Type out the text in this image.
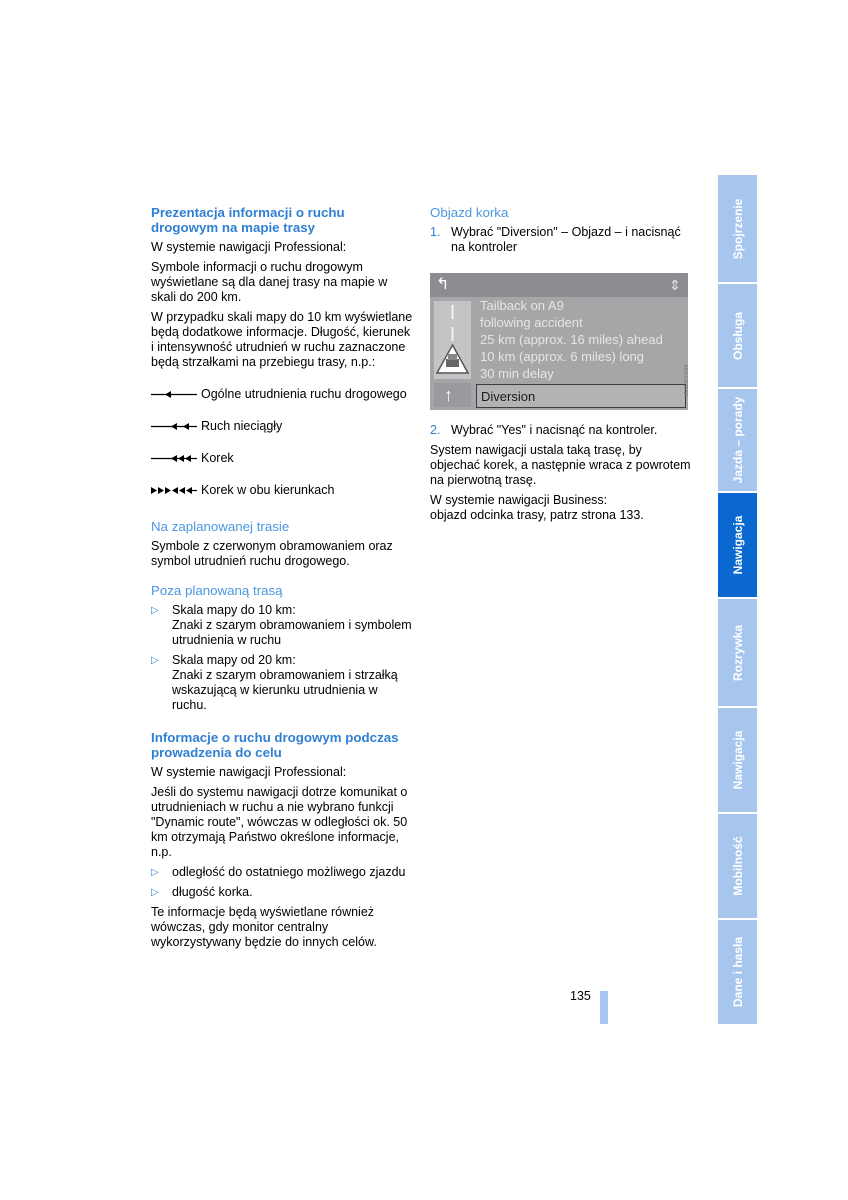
Prezentacja informacji o ruchu drogowym na mapie trasy

W systemie nawigacji Professional:

Symbole informacji o ruchu drogowym wyświetlane są dla danej trasy na mapie w skali do 200 km.

W przypadku skali mapy do 10 km wyświetlane będą dodatkowe informacje. Długość, kierunek i intensywność utrudnień w ruchu zaznaczone będą strzałkami na przebiegu trasy, n.p.:

Ogólne utrudnienia ruchu drogowego
Ruch nieciągły
Korek
Korek w obu kierunkach
Na zaplanowanej trasie

Symbole z czerwonym obramowaniem oraz symbol utrudnień ruchu drogowego.

Poza planowaną trasą
▷	Skala mapy do 10 km:
Znaki z szarym obramowaniem i symbolem utrudnienia w ruchu
▷	Skala mapy od 20 km:
Znaki z szarym obramowaniem i strzałką wskazującą w kierunku utrudnienia w ruchu.
Informacje o ruchu drogowym podczas prowadzenia do celu

W systemie nawigacji Professional:

Jeśli do systemu nawigacji dotrze komunikat o utrudnieniach w ruchu a nie wybrano funkcji "Dynamic route", wówczas w odległości ok. 50 km otrzymają Państwo określone informacje, n.p.

▷	odległość do ostatniego możliwego zjazdu
▷	długość korka.

Te informacje będą wyświetlane również wówczas, gdy monitor centralny wykorzystywany będzie do innych celów.

Objazd korka
1. Wybrać "Diversion" – Objazd – i nacisnąć na kontroler
↰	⇕
↑
Tailback on A9
following accident
25 km (approx. 16 miles) ahead
10 km (approx. 6 miles) long
30 min delay
Diversion	MN02363ENA
2. Wybrać "Yes" i nacisnąć na kontroler.

System nawigacji ustala taką trasę, by objechać korek, a następnie wraca z powrotem na pierwotną trasę.

W systemie nawigacji Business:

objazd odcinka trasy, patrz strona 133.

Spojrzenie
Obsługa
Jazda – porady
Nawigacja
Rozrywka
Nawigacja
Mobilność
Dane i hasła
135
